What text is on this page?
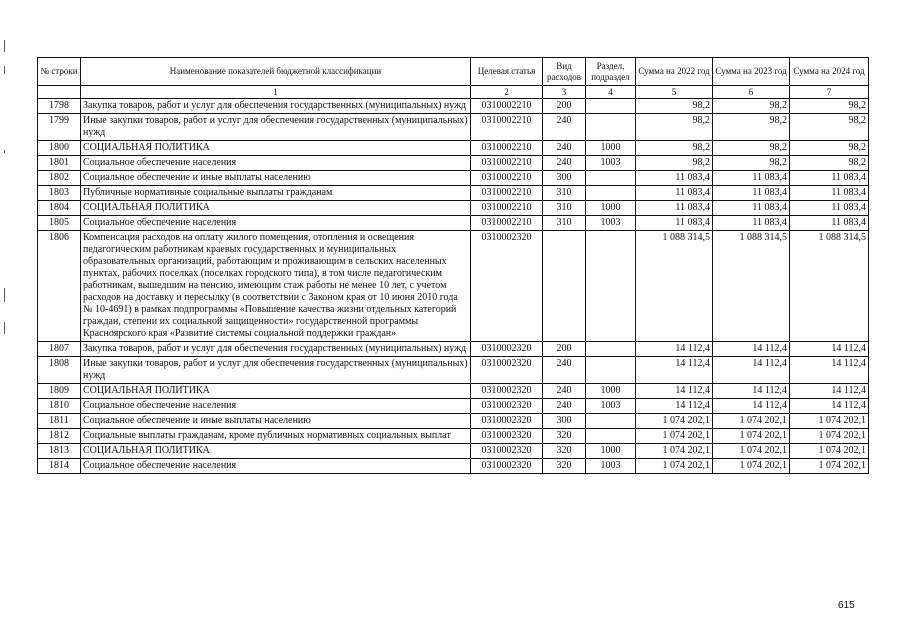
№ строки	Наименование показателей бюджетной классификации	Целевая статья	Вид расходов	Раздел, подраздел	Сумма на 2022 год	Сумма на 2023 год	Сумма на 2024 год
	1	2	3	4	5	6	7
1798	Закупка товаров, работ и услуг для обеспечения государственных (муниципальных) нужд	0310002210	200		98,2	98,2	98,2
1799	Иные закупки товаров, работ и услуг для обеспечения государственных (муниципальных) нужд	0310002210	240		98,2	98,2	98,2
1800	СОЦИАЛЬНАЯ ПОЛИТИКА	0310002210	240	1000	98,2	98,2	98,2
1801	Социальное обеспечение населения	0310002210	240	1003	98,2	98,2	98,2
1802	Социальное обеспечение и иные выплаты населению	0310002210	300		11 083,4	11 083,4	11 083,4
1803	Публичные нормативные социальные выплаты гражданам	0310002210	310		11 083,4	11 083,4	11 083,4
1804	СОЦИАЛЬНАЯ ПОЛИТИКА	0310002210	310	1000	11 083,4	11 083,4	11 083,4
1805	Социальное обеспечение населения	0310002210	310	1003	11 083,4	11 083,4	11 083,4
1806	Компенсация расходов на оплату жилого помещения, отопления и освещения педагогическим работникам краевых государственных и муниципальных образовательных организаций, работающим и проживающим в сельских населенных пунктах, рабочих поселках (поселках городского типа), в том числе педагогическим работникам, вышедшим на пенсию, имеющим стаж работы не менее 10 лет, с учетом расходов на доставку и пересылку (в соответствии с Законом края от 10 июня 2010 года № 10-4691) в рамках подпрограммы «Повышение качества жизни отдельных категорий граждан, степени их социальной защищенности» государственной программы Красноярского края «Развитие системы социальной поддержки граждан»	0310002320			1 088 314,5	1 088 314,5	1 088 314,5
1807	Закупка товаров, работ и услуг для обеспечения государственных (муниципальных) нужд	0310002320	200		14 112,4	14 112,4	14 112,4
1808	Иные закупки товаров, работ и услуг для обеспечения государственных (муниципальных) нужд	0310002320	240		14 112,4	14 112,4	14 112,4
1809	СОЦИАЛЬНАЯ ПОЛИТИКА	0310002320	240	1000	14 112,4	14 112,4	14 112,4
1810	Социальное обеспечение населения	0310002320	240	1003	14 112,4	14 112,4	14 112,4
1811	Социальное обеспечение и иные выплаты населению	0310002320	300		1 074 202,1	1 074 202,1	1 074 202,1
1812	Социальные выплаты гражданам, кроме публичных нормативных социальных выплат	0310002320	320		1 074 202,1	1 074 202,1	1 074 202,1
1813	СОЦИАЛЬНАЯ ПОЛИТИКА	0310002320	320	1000	1 074 202,1	1 074 202,1	1 074 202,1
1814	Социальное обеспечение населения	0310002320	320	1003	1 074 202,1	1 074 202,1	1 074 202,1
615
